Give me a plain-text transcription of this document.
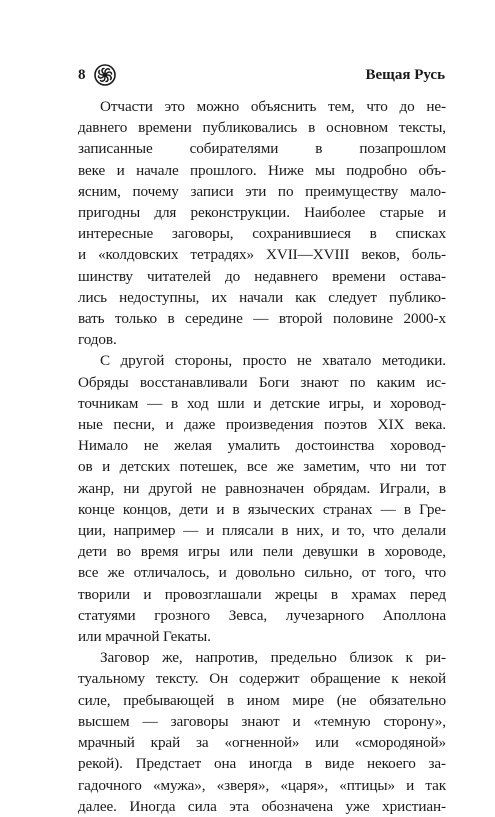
8	Вещая Русь
Отчасти это можно объяснить тем, что до не-
давнего времени публиковались в основном тексты,
записанные собирателями в позапрошлом
веке и начале прошлого. Ниже мы подробно объ-
ясним, почему записи эти по преимуществу мало-
пригодны для реконструкции. Наиболее старые и
интересные заговоры, сохранившиеся в списках
и «колдовских тетрадях» XVII—XVIII веков, боль-
шинству читателей до недавнего времени остава-
лись недоступны, их начали как следует публико-
вать только в середине — второй половине 2000-х
годов.
С другой стороны, просто не хватало методики.
Обряды восстанавливали Боги знают по каким ис-
точникам — в ход шли и детские игры, и хоровод-
ные песни, и даже произведения поэтов XIX века.
Нимало не желая умалить достоинства хоровод-
ов и детских потешек, все же заметим, что ни тот
жанр, ни другой не равнозначен обрядам. Играли, в
конце концов, дети и в языческих странах — в Гре-
ции, например — и плясали в них, и то, что делали
дети во время игры или пели девушки в хороводе,
все же отличалось, и довольно сильно, от того, что
творили и провозглашали жрецы в храмах перед
статуями грозного Зевса, лучезарного Аполлона
или мрачной Гекаты.
Заговор же, напротив, предельно близок к ри-
туальному тексту. Он содержит обращение к некой
силе, пребывающей в ином мире (не обязательно
высшем — заговоры знают и «темную сторону»,
мрачный край за «огненной» или «смородяной»
рекой). Предстает она иногда в виде некоего за-
гадочного «мужа», «зверя», «царя», «птицы» и так
далее. Иногда сила эта обозначена уже христиан-
